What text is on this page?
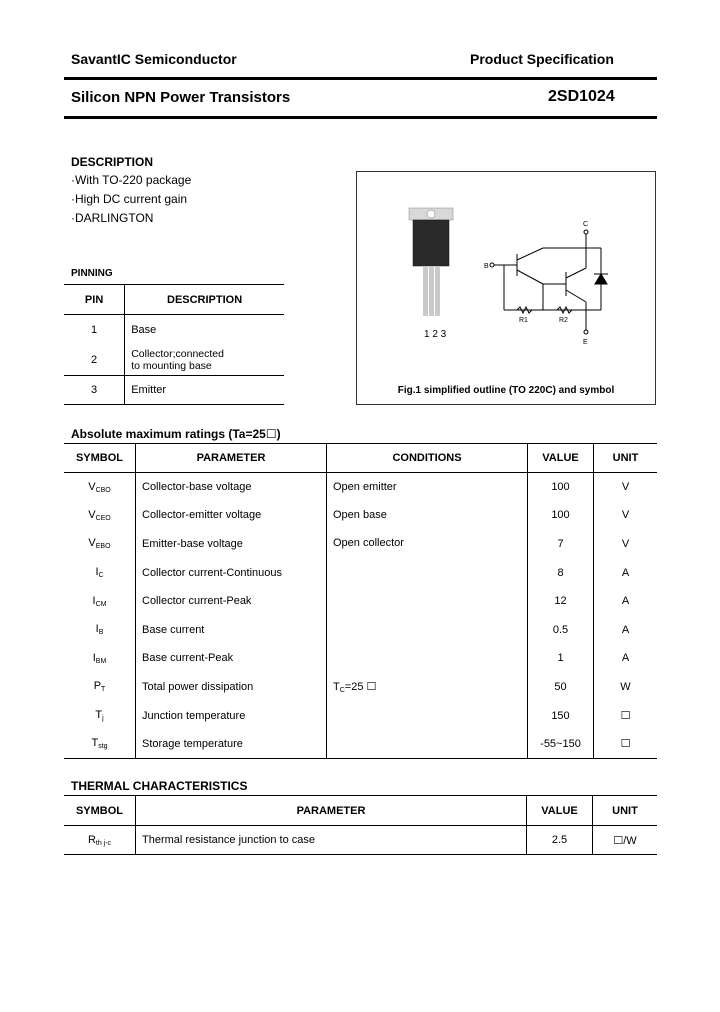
SavantIC Semiconductor	Product Specification
Silicon NPN Power Transistors	2SD1024
DESCRIPTION
·With TO-220 package
·High DC current gain
·DARLINGTON
PINNING
PIN	DESCRIPTION
1	Base
2	Collector;connected to mounting base
3	Emitter
1 2 3
C
B
E
R1	R2
Fig.1 simplified outline (TO 220C) and symbol
Absolute maximum ratings (Ta=25☐)
SYMBOL	PARAMETER	CONDITIONS	VALUE	UNIT
$V_{CBO}$	Collector-base voltage	Open emitter	100	V
$V_{CEO}$	Collector-emitter voltage	Open base	100	V
$V_{EBO}$	Emitter-base voltage	Open collector	7	V
$I_C$	Collector current-Continuous		8	A
$I_{CM}$	Collector current-Peak		12	A
$I_B$	Base current		0.5	A
$I_{BM}$	Base current-Peak		1	A
$P_T$	Total power dissipation	$T_C=25$ ☐	50	W
$T_j$	Junction temperature		150	☐
$T_{stg}$	Storage temperature		-55~150	☐
THERMAL CHARACTERISTICS
SYMBOL	PARAMETER	VALUE	UNIT
$R_{th j-c}$	Thermal resistance junction to case	2.5	☐/W
